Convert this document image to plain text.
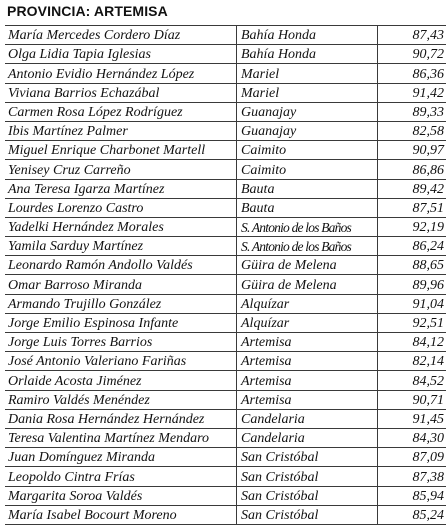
PROVINCIA: ARTEMISA
María Mercedes Cordero Díaz	Bahía Honda	87,43
Olga Lidia Tapia Iglesias	Bahía Honda	90,72
Antonio Evidio Hernández López	Mariel	86,36
Viviana Barrios Echazábal	Mariel	91,42
Carmen Rosa López Rodríguez	Guanajay	89,33
Ibis Martínez Palmer	Guanajay	82,58
Miguel Enrique Charbonet Martell	Caimito	90,97
Yenisey Cruz Carreño	Caimito	86,86
Ana Teresa Igarza Martínez	Bauta	89,42
Lourdes Lorenzo Castro	Bauta	87,51
Yadelki Hernández Morales	S. Antonio de los Baños	92,19
Yamila Sarduy Martínez	S. Antonio de los Baños	86,24
Leonardo Ramón Andollo Valdés	Güira de Melena	88,65
Omar Barroso Miranda	Güira de Melena	89,96
Armando Trujillo González	Alquízar	91,04
Jorge Emilio Espinosa Infante	Alquízar	92,51
Jorge Luis Torres Barrios	Artemisa	84,12
José Antonio Valeriano Fariñas	Artemisa	82,14
Orlaide Acosta Jiménez	Artemisa	84,52
Ramiro Valdés Menéndez	Artemisa	90,71
Dania Rosa Hernández Hernández	Candelaria	91,45
Teresa Valentina Martínez Mendaro	Candelaria	84,30
Juan Domínguez Miranda	San Cristóbal	87,09
Leopoldo Cintra Frías	San Cristóbal	87,38
Margarita Soroa Valdés	San Cristóbal	85,94
María Isabel Bocourt Moreno	San Cristóbal	85,24
